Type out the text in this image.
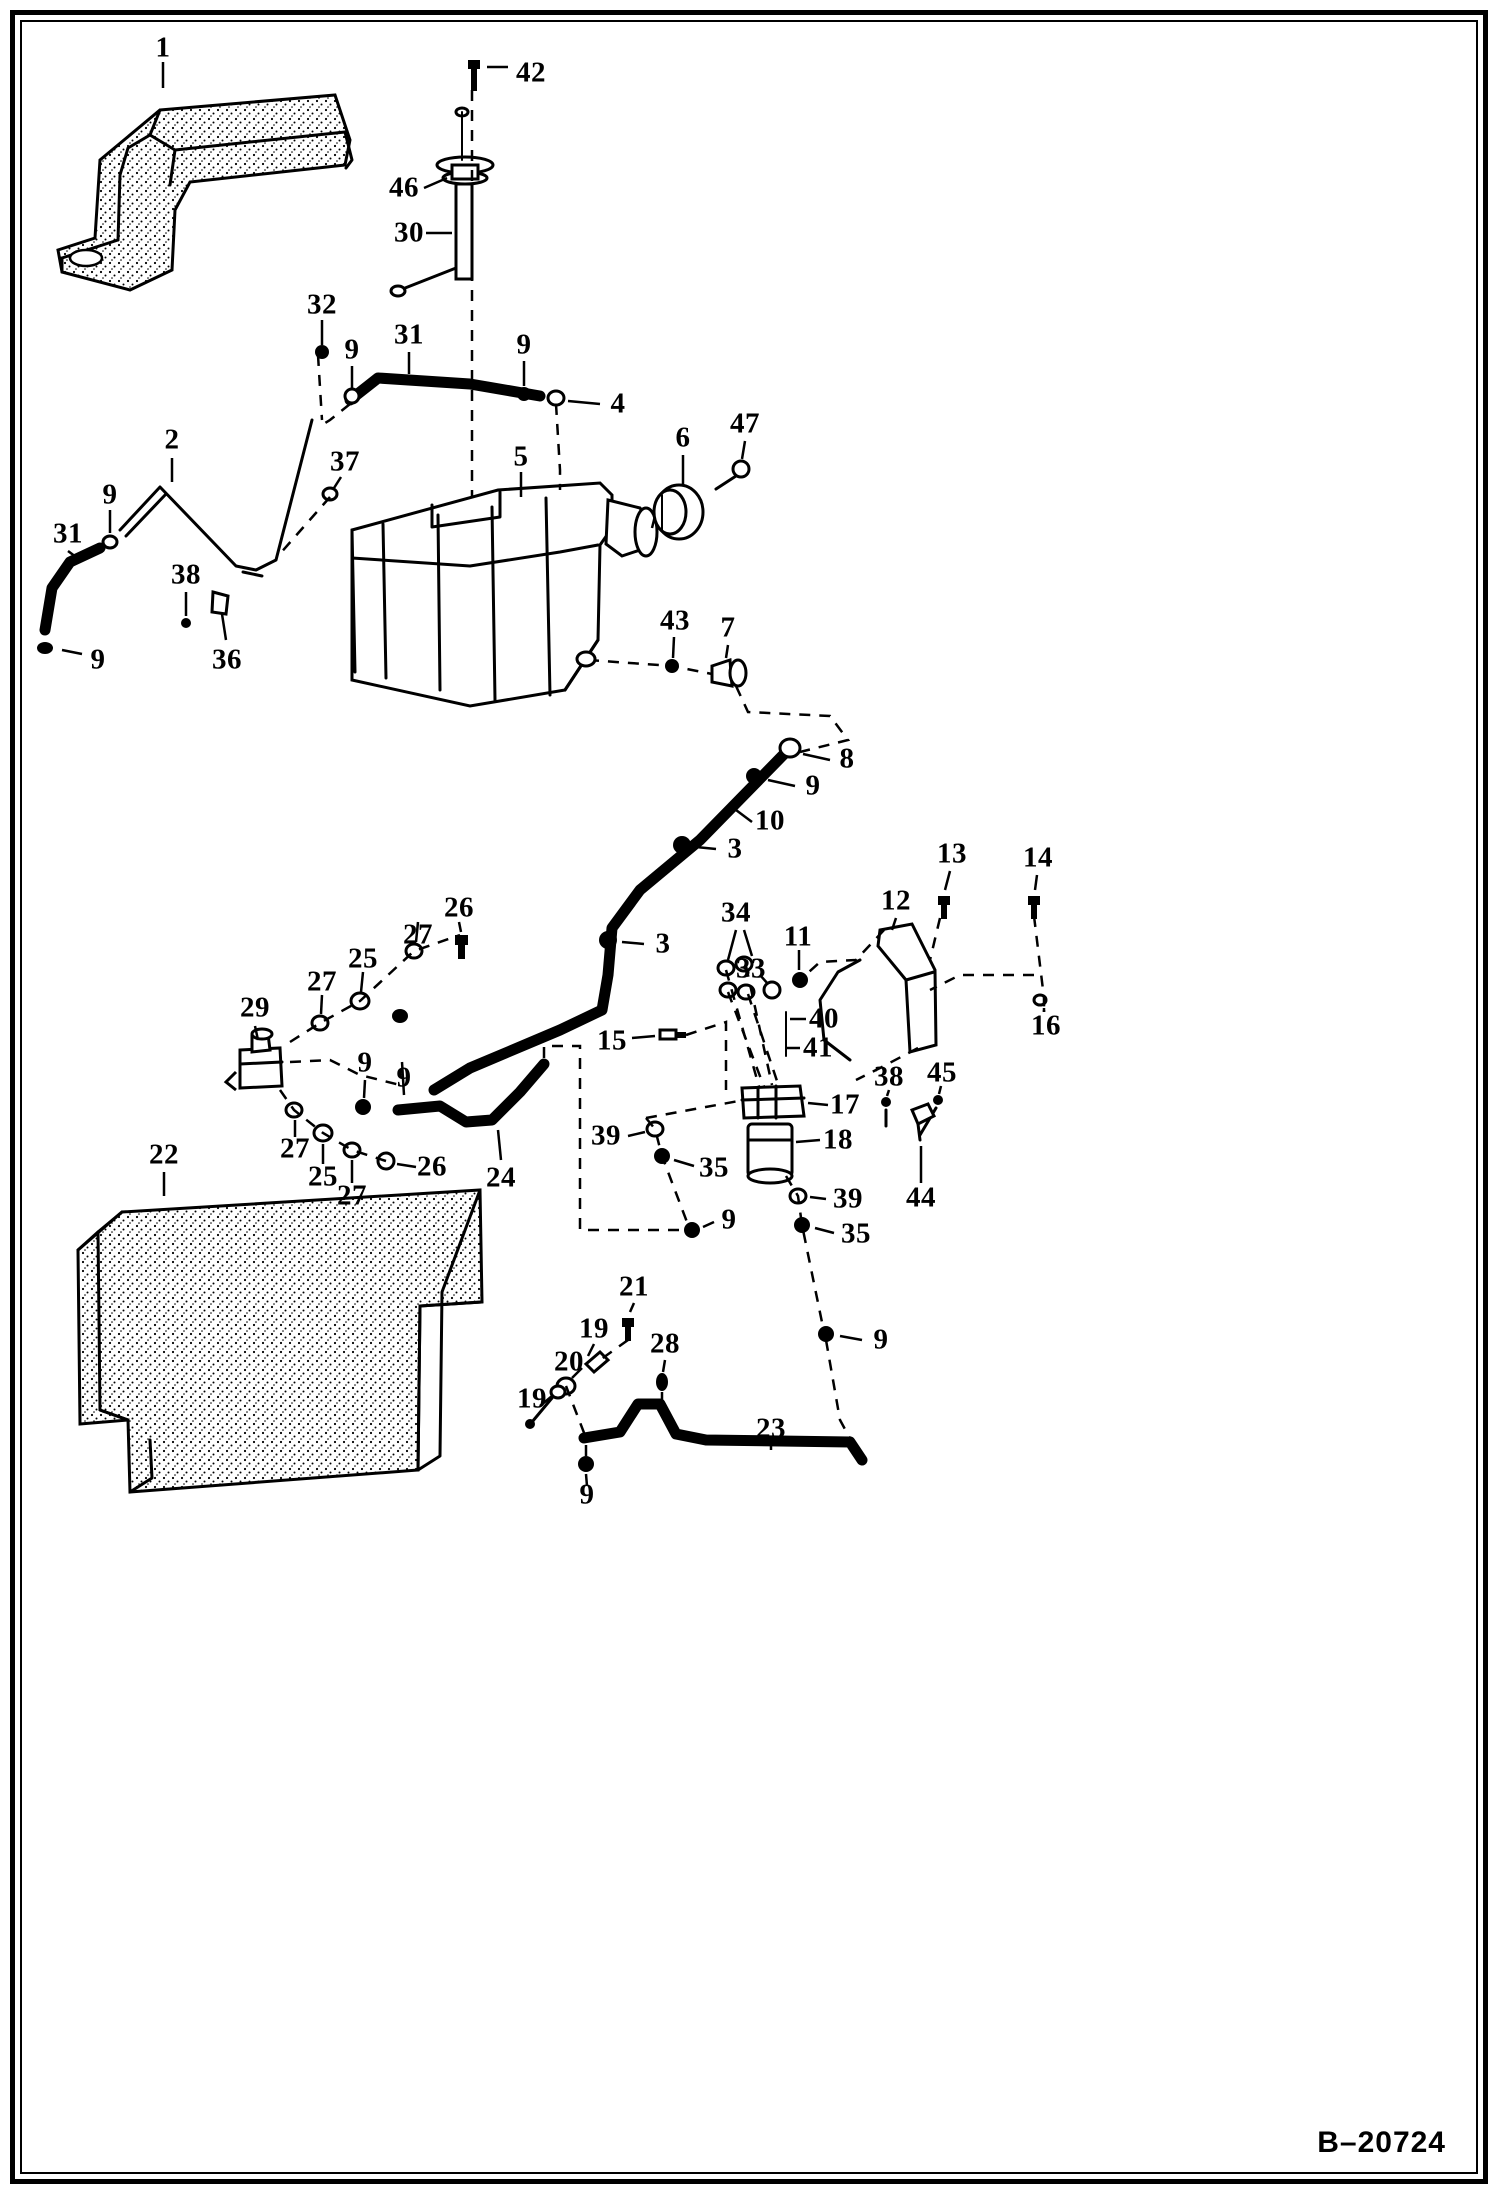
1
42
46
30
32
9 31	9
4
6 47
2
37	5
9
31
38
36
9
43 7
8
9
10
3	13 14
12
34
26
27	11
3
25	33
27
29
16
40
41
15
9 9	38 45
17
27	18
39
35
26
25	24
44
27	39
35
9
22
21
19 28	9
20
19
23
9
B–20724
